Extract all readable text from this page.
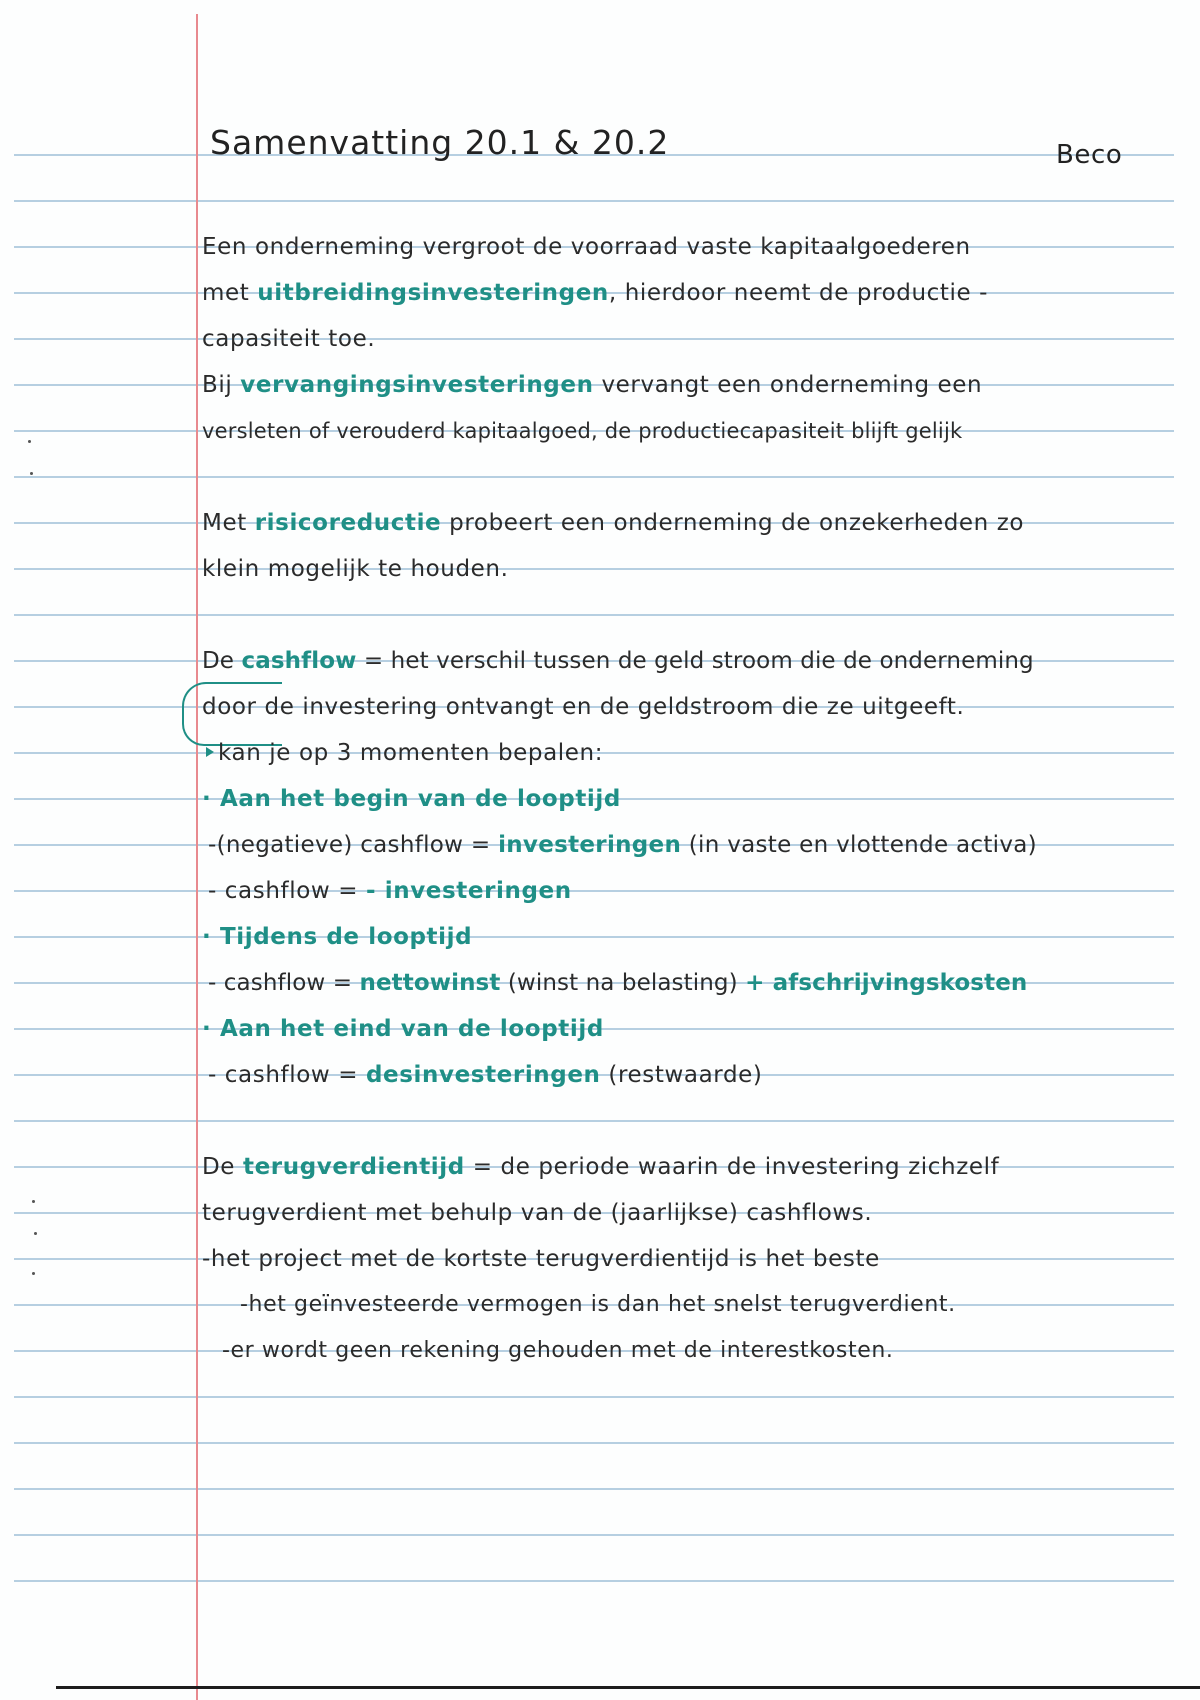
Samenvatting 20.1 & 20.2	Beco
Een onderneming vergroot de voorraad vaste kapitaalgoederen
met uitbreidingsinvesteringen, hierdoor neemt de productie -
capasiteit toe.
Bij vervangingsinvesteringen vervangt een onderneming een
versleten of verouderd kapitaalgoed, de productiecapasiteit blijft gelijk
Met risicoreductie probeert een onderneming de onzekerheden zo
klein mogelijk te houden.
De cashflow = het verschil tussen de geld stroom die de onderneming
door de investering ontvangt en de geldstroom die ze uitgeeft.
kan je op 3 momenten bepalen:
· Aan het begin van de looptijd
-(negatieve) cashflow = investeringen (in vaste en vlottende activa)
- cashflow = - investeringen
· Tijdens de looptijd
- cashflow = nettowinst (winst na belasting) + afschrijvingskosten
· Aan het eind van de looptijd
- cashflow = desinvesteringen (restwaarde)
De terugverdientijd = de periode waarin de investering zichzelf
terugverdient met behulp van de (jaarlijkse) cashflows.
-het project met de kortste terugverdientijd is het beste
-het geïnvesteerde vermogen is dan het snelst terugverdient.
-er wordt geen rekening gehouden met de interestkosten.
